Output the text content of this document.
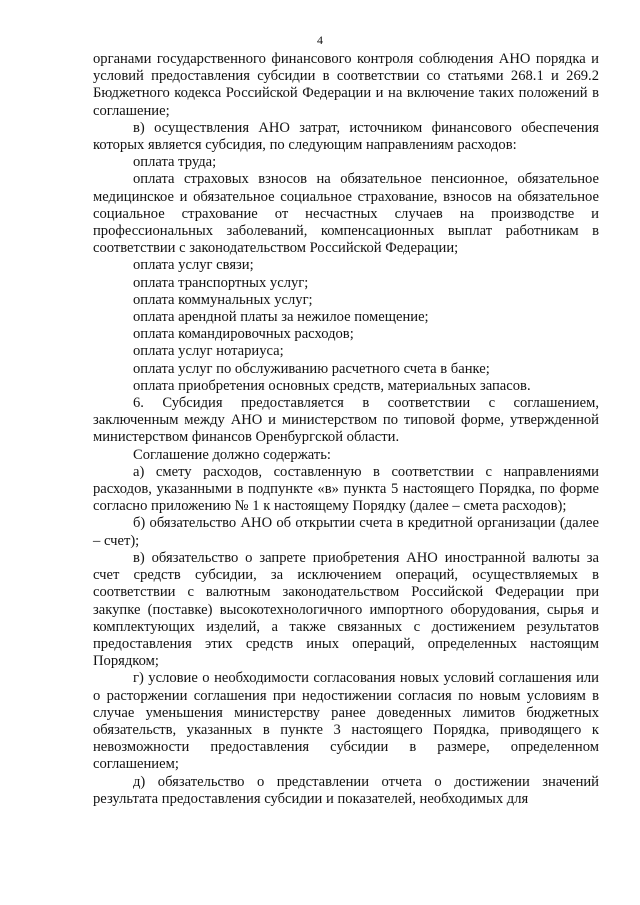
4

органами государственного финансового контроля соблюдения АНО порядка и условий предоставления субсидии в соответствии со статьями 268.1 и 269.2 Бюджетного кодекса Российской Федерации и на включение таких положений в соглашение;

в) осуществления АНО затрат, источником финансового обеспечения которых является субсидия, по следующим направлениям расходов:

оплата труда;

оплата страховых взносов на обязательное пенсионное, обязательное медицинское и обязательное социальное страхование, взносов на обязательное социальное страхование от несчастных случаев на производстве и профессиональных заболеваний, компенсационных выплат работникам в соответствии с законодательством Российской Федерации;

оплата услуг связи;

оплата транспортных услуг;

оплата коммунальных услуг;

оплата арендной платы за нежилое помещение;

оплата командировочных расходов;

оплата услуг нотариуса;

оплата услуг по обслуживанию расчетного счета в банке;

оплата приобретения основных средств, материальных запасов.

6. Субсидия предоставляется в соответствии с соглашением, заключенным между АНО и министерством по типовой форме, утвержденной министерством финансов Оренбургской области.

Соглашение должно содержать:

а) смету расходов, составленную в соответствии с направлениями расходов, указанными в подпункте «в» пункта 5 настоящего Порядка, по форме согласно приложению № 1 к настоящему Порядку (далее – смета расходов);

б) обязательство АНО об открытии счета в кредитной организации (далее – счет);

в) обязательство о запрете приобретения АНО иностранной валюты за счет средств субсидии, за исключением операций, осуществляемых в соответствии с валютным законодательством Российской Федерации при закупке (поставке) высокотехнологичного импортного оборудования, сырья и комплектующих изделий, а также связанных с достижением результатов предоставления этих средств иных операций, определенных настоящим Порядком;

г) условие о необходимости согласования новых условий соглашения или о расторжении соглашения при недостижении согласия по новым условиям в случае уменьшения министерству ранее доведенных лимитов бюджетных обязательств, указанных в пункте 3 настоящего Порядка, приводящего к невозможности предоставления субсидии в размере, определенном соглашением;

д) обязательство о представлении отчета о достижении значений результата предоставления субсидии и показателей, необходимых для
